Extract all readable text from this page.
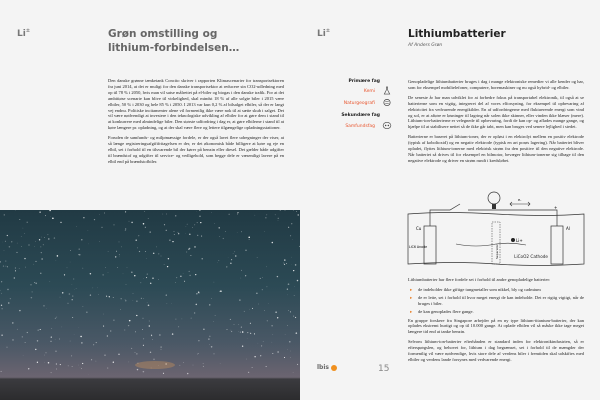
Li±	Grøn omstilling og
lithium-forbindelsen…

Den danske grønne tænketank Concito skriver i rapporten Klimascenarier for transportsektoren fra juni 2014, at det er muligt for den danske transportsektor at reducere sin CO2-udledning med op til 78 % i 2050, hvis man vil satse målrettet på el-biler og biogas i den danske trafik. For at det ambitiøse scenarie kan blive til virkelighed, skal mindst 18 % af alle solgte biler i 2015 være elbiler, 50 % i 2030 og hele 85 % i 2050. I 2013 var kun 0,2 % af bilsalget elbiler, så der er langt vej endnu. Politiske incitamenter alene vil formentlig ikke være nok til at sætte skub i salget. Det vil være nødvendigt at investere i den teknologiske udvikling af elbiler for at gøre dem i stand til at konkurrere med almindelige biler. Den største udfordring i dag er, at gøre elbilerne i stand til at køre længere pr. opladning, og at der skal være flere og lettere tilgængelige opladningsstationer.

Foruden de samfunds- og miljømæssige fordele, er der også lavet flere udregninger der viser, at så længe registreringsafgiftfritagelsen er der, er det økonomisk både billigere at køre og eje en elbil, set i forhold til en tilsvarende bil der kører på benzin eller diesel. Det gælder både udgifter til brændstof og udgifter til service- og vedligehold, som begge dele er væsentligt lavere på en elbil end på brændstofbiler.

Li±	Lithiumbatterier
Af Anders Grøn
Primære fag
Kemi
Naturgeografi
Sekundære fag
Samfundsfag

Genopladelige lithiumbatterier bruges i dag i mange elektroniske remedier vi alle kender og har, som for eksempel mobiltelefoner, computere, boremaskiner og nu også hybrid- og elbiler.

De seneste år har man udviklet for at forbedre fokus på transportabel elektronik, til også at se batterierne som en vigtig, integreret del af vores elforsyning, for eksempel til opbevaring af elektricitet fra vedvarende energikilder. En af udfordringerne med fluktuerende energi som vind og sol, er at aftøre er løsninger til lagring når solen ikke skinner, eller vinden ikke blæser (mere). Lithium-ion-batterierne er velegnede til opbevaring, fordi de kan op- og aflades mange gange, og hjælpe til at stabilisere nettet så de ikke går tabt, men kan bruges ved senere lejlighed i stedet.

Batterierne er baseret på lithium-ioner, der er opløst i en elektrolyt mellem en positiv elektrode (typisk af koboltoxid) og en negativ elektrode (typisk en art porøs lagering). Når batteriet bliver opladet, flyttes lithium-ionerne med elektrisk strøm fra den positive til den negative elektrode. Når batteriet så drives til for eksempel en bilmotor, bevæger lithium-ionerne sig tilbage til den negative elektrode og driver en strøm rundt i kredsløbet.

Cu	Al
LiC6 Anode
LiCoO2 Cathode
Li+
Separator
e-
+

Lithiumbatterier har flere fordele set i forhold til andre genopladelige batterier:

▸ de indeholder ikke giftige tungmetaller som nikkel, bly og cadmium
▸ de er lette, set i forhold til hvor meget energi de kan indeholde. Det er rigtig vigtigt, når de bruges i biler.
▸ de kan genoplades flere gange.

En gruppe forskere fra Singapore arbejder på en ny type lithium-titanium-batterier, der kan oplades ekstremt hurtigt og op til 10.000 gange. At oplade elbilen vil så måske ikke tage meget længere tid end at tanke benzin.

Selvom lithium-ion-batterier efterhånden er standard inden for elektronikindustrien, så er efterspørgslen, og behovet for, lithium i dag begrænset, set i forhold til de mængder der formentlig vil være nødvendige, hvis store dele af verdens biler i fremtiden skal udskiftes med elbiler og verdens lande forsynes med vedvarende energi.

lbis	15
